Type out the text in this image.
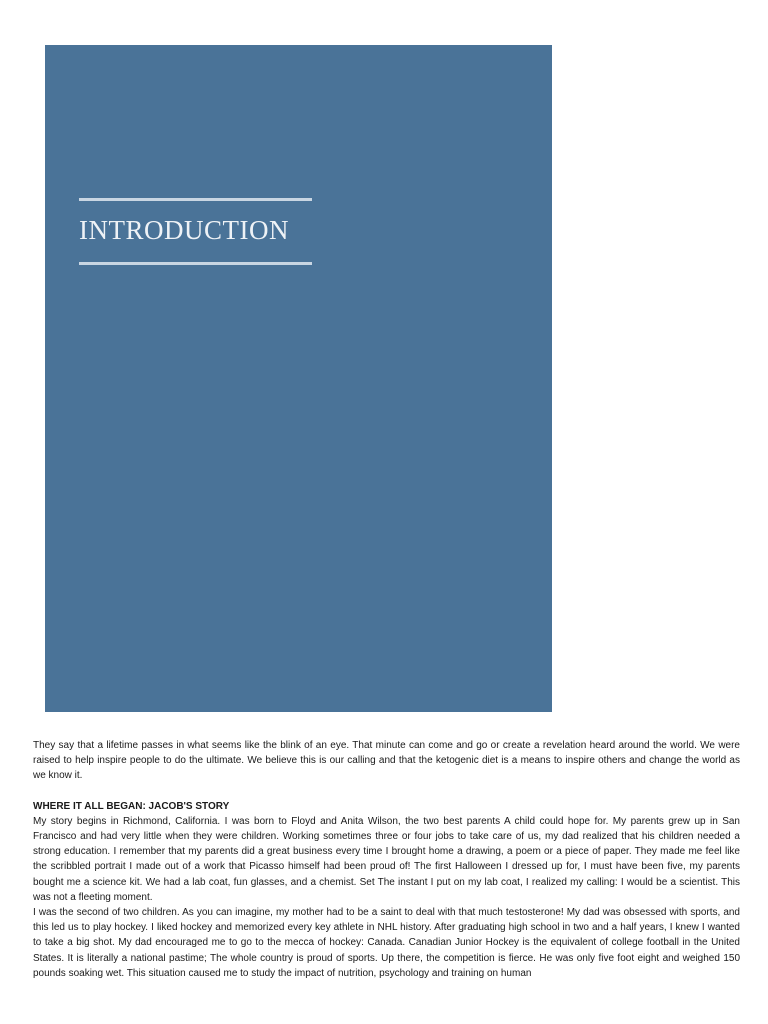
INTRODUCTION

They say that a lifetime passes in what seems like the blink of an eye. That minute can come and go or create a revelation heard around the world. We were raised to help inspire people to do the ultimate. We believe this is our calling and that the ketogenic diet is a means to inspire others and change the world as we know it.

WHERE IT ALL BEGAN: JACOB'S STORY

My story begins in Richmond, California. I was born to Floyd and Anita Wilson, the two best parents A child could hope for. My parents grew up in San Francisco and had very little when they were children. Working sometimes three or four jobs to take care of us, my dad realized that his children needed a strong education. I remember that my parents did a great business every time I brought home a drawing, a poem or a piece of paper. They made me feel like the scribbled portrait I made out of a work that Picasso himself had been proud of! The first Halloween I dressed up for, I must have been five, my parents bought me a science kit. We had a lab coat, fun glasses, and a chemist. Set The instant I put on my lab coat, I realized my calling: I would be a scientist. This was not a fleeting moment.

I was the second of two children. As you can imagine, my mother had to be a saint to deal with that much testosterone! My dad was obsessed with sports, and this led us to play hockey. I liked hockey and memorized every key athlete in NHL history. After graduating high school in two and a half years, I knew I wanted to take a big shot. My dad encouraged me to go to the mecca of hockey: Canada. Canadian Junior Hockey is the equivalent of college football in the United States. It is literally a national pastime; The whole country is proud of sports. Up there, the competition is fierce. He was only five foot eight and weighed 150 pounds soaking wet. This situation caused me to study the impact of nutrition, psychology and training on human
